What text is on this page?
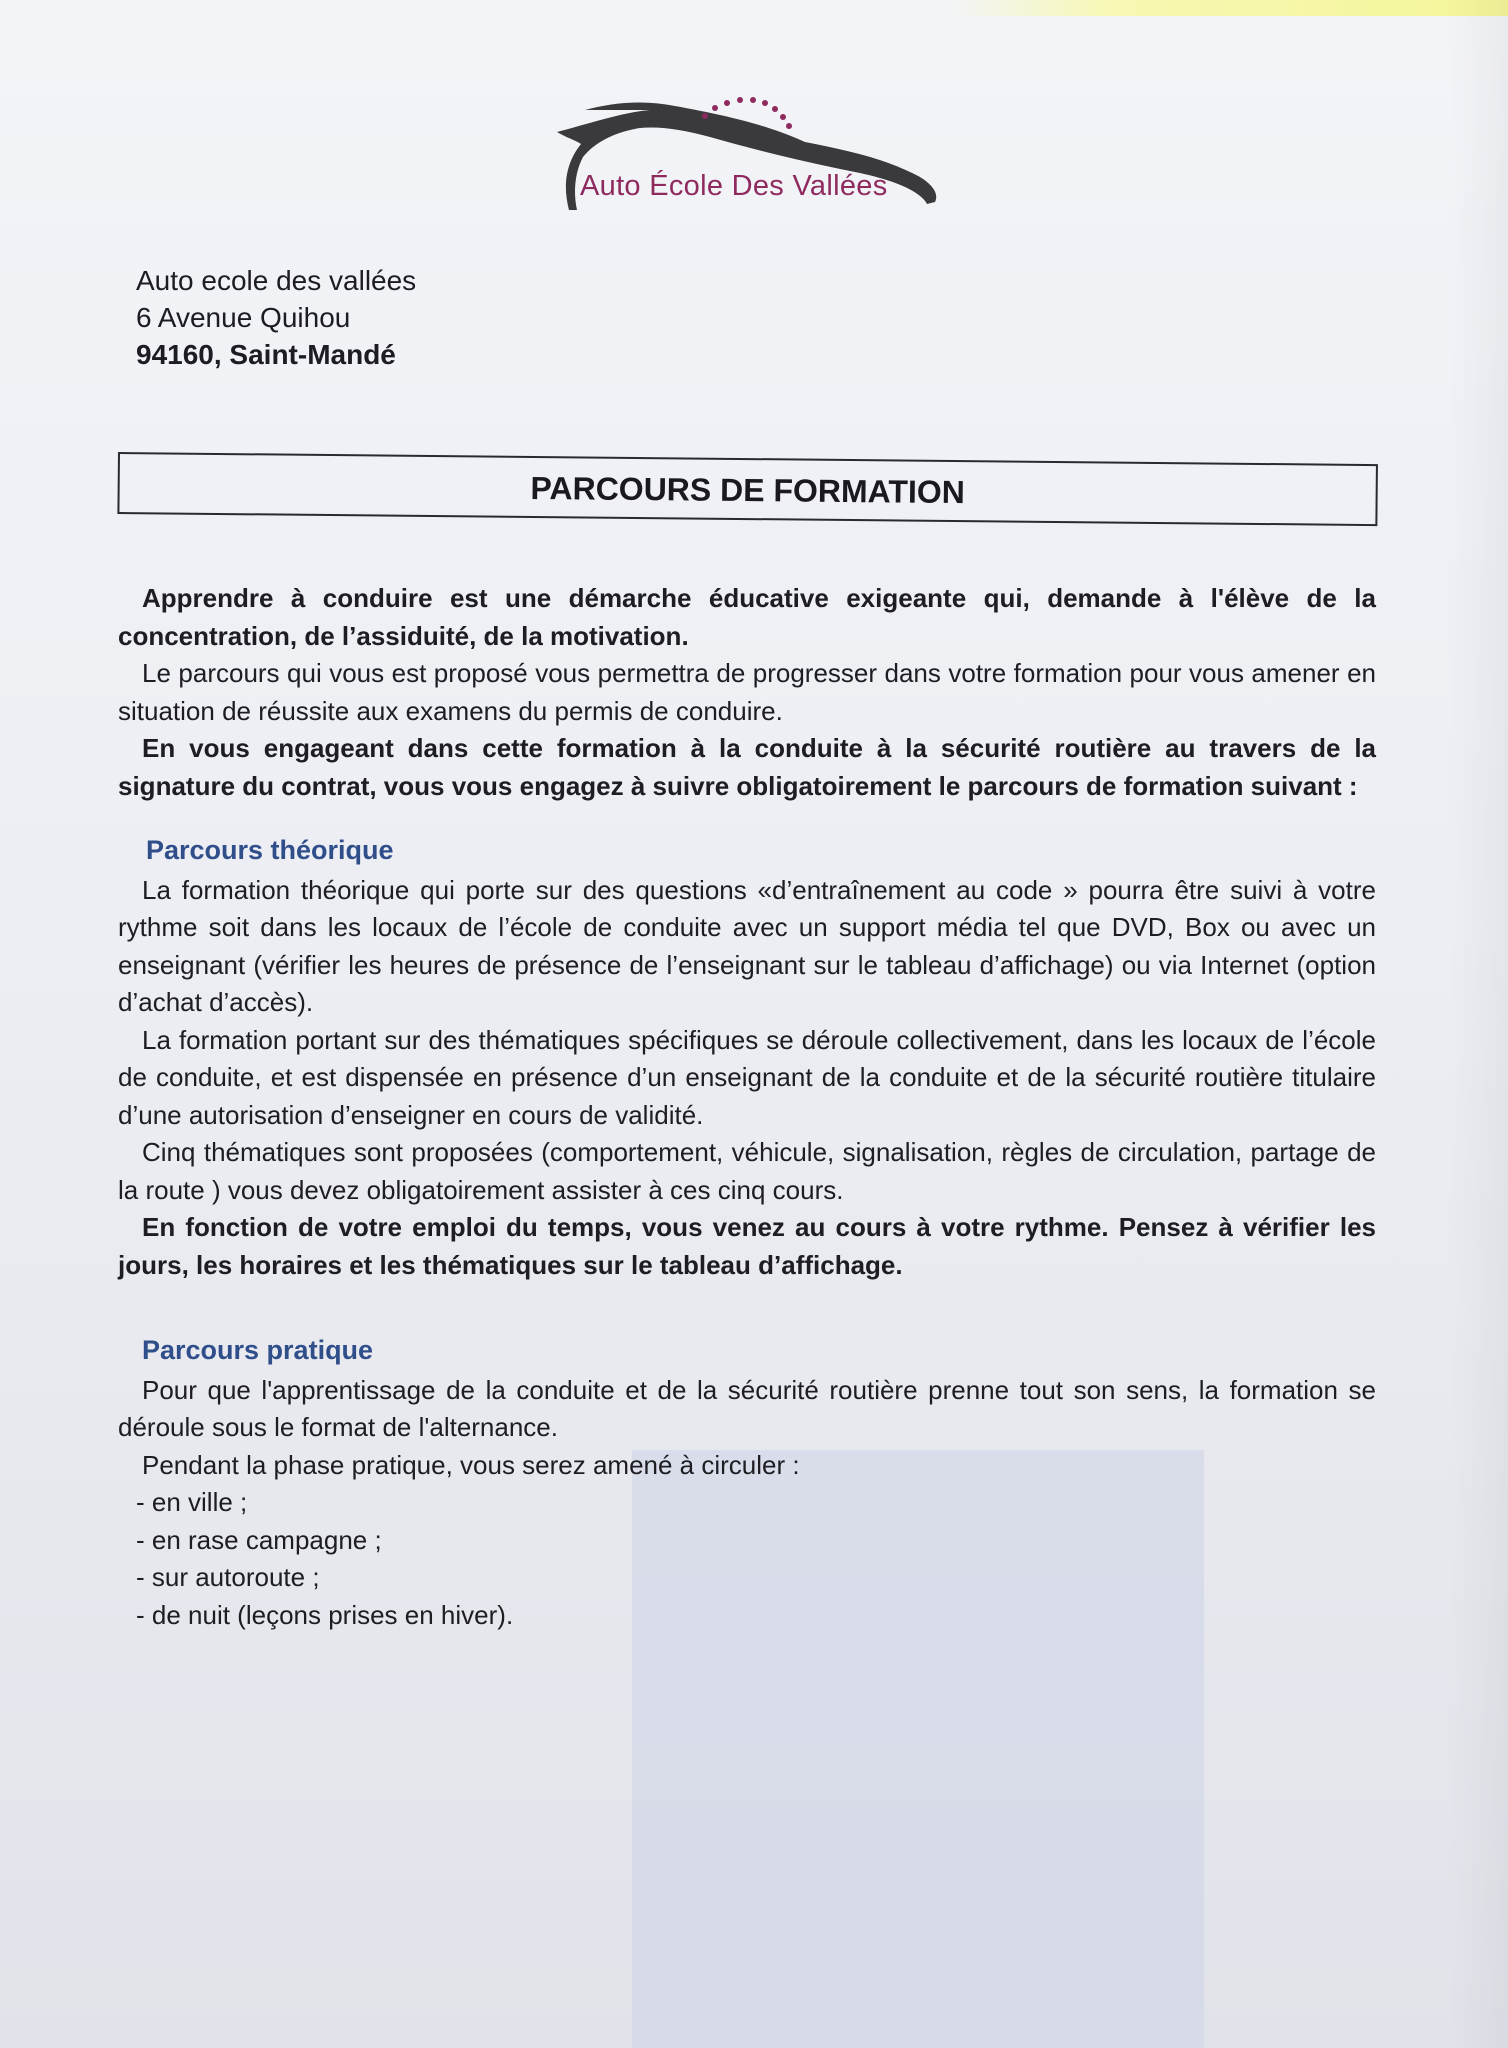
Auto École Des Vallées
Auto ecole des vallées
6 Avenue Quihou
94160, Saint-Mandé
PARCOURS DE FORMATION

Apprendre à conduire est une démarche éducative exigeante qui, demande à l'élève de la concentration, de l’assiduité, de la motivation.

Le parcours qui vous est proposé vous permettra de progresser dans votre formation pour vous amener en situation de réussite aux examens du permis de conduire.

En vous engageant dans cette formation à la conduite à la sécurité routière au travers de la signature du contrat, vous vous engagez à suivre obligatoirement le parcours de formation suivant :

Parcours théorique

La formation théorique qui porte sur des questions «d’entraînement au code » pourra être suivi à votre rythme soit dans les locaux de l’école de conduite avec un support média tel que DVD, Box ou avec un enseignant (vérifier les heures de présence de l’enseignant sur le tableau d’affichage) ou via Internet (option d’achat d’accès).

La formation portant sur des thématiques spécifiques se déroule collectivement, dans les locaux de l’école de conduite, et est dispensée en présence d’un enseignant de la conduite et de la sécurité routière titulaire d’une autorisation d’enseigner en cours de validité.

Cinq thématiques sont proposées (comportement, véhicule, signalisation, règles de circulation, partage de la route ) vous devez obligatoirement assister à ces cinq cours.

En fonction de votre emploi du temps, vous venez au cours à votre rythme. Pensez à vérifier les jours, les horaires et les thématiques sur le tableau d’affichage.

Parcours pratique

Pour que l'apprentissage de la conduite et de la sécurité routière prenne tout son sens, la formation se déroule sous le format de l'alternance.

Pendant la phase pratique, vous serez amené à circuler :

- en ville ;
- en rase campagne ;
- sur autoroute ;
- de nuit (leçons prises en hiver).
